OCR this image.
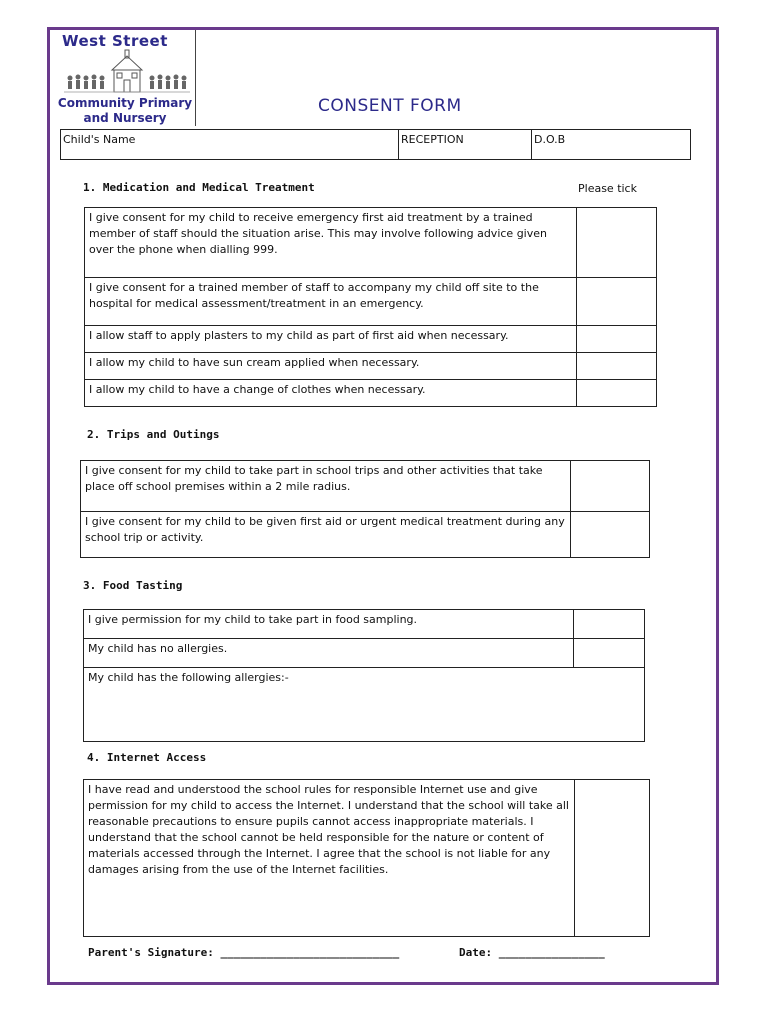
West Street
Community Primary
and Nursery
CONSENT FORM
Child's Name	RECEPTION	D.O.B
1. Medication and Medical Treatment	Please tick
I give consent for my child to receive emergency first aid treatment by a trained member of staff should the situation arise. This may involve following advice given over the phone when dialling 999.	
I give consent for a trained member of staff to accompany my child off site to the hospital for medical assessment/treatment in an emergency.	
I allow staff to apply plasters to my child as part of first aid when necessary.	
I allow my child to have sun cream applied when necessary.	
I allow my child to have a change of clothes when necessary.	
2. Trips and Outings
I give consent for my child to take part in school trips and other activities that take place off school premises within a 2 mile radius.	
I give consent for my child to be given first aid or urgent medical treatment during any school trip or activity.	
3. Food Tasting
I give permission for my child to take part in food sampling.	
My child has no allergies.	
My child has the following allergies:-	
4. Internet Access
I have read and understood the school rules for responsible Internet use and give permission for my child to access the Internet. I understand that the school will take all reasonable precautions to ensure pupils cannot access inappropriate materials. I understand that the school cannot be held responsible for the nature or content of materials accessed through the Internet. I agree that the school is not liable for any damages arising from the use of the Internet facilities.	
Parent's Signature: ___________________________	Date: ________________
